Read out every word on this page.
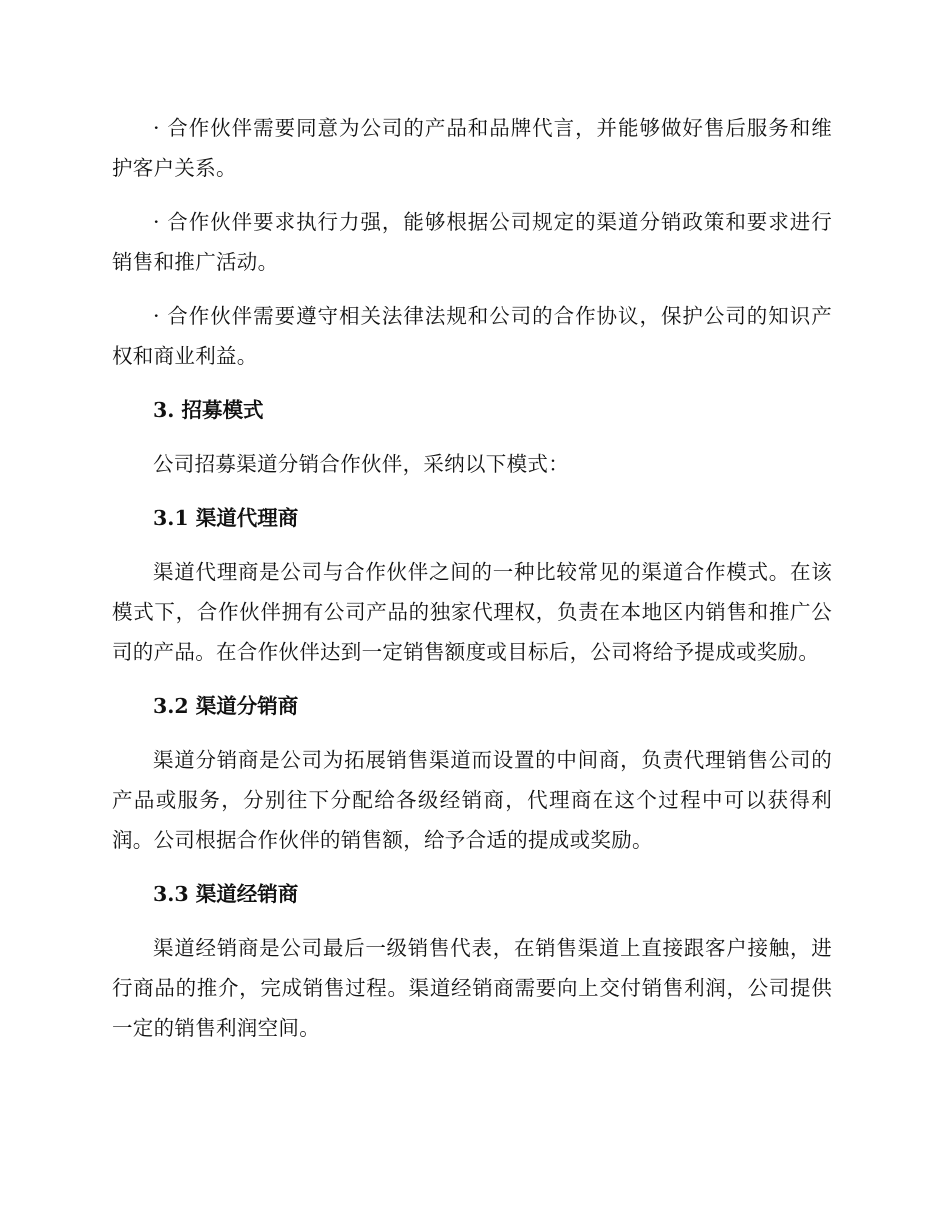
· 合作伙伴需要同意为公司的产品和品牌代言，并能够做好售后服务和维护客户关系。

· 合作伙伴要求执行力强，能够根据公司规定的渠道分销政策和要求进行销售和推广活动。

· 合作伙伴需要遵守相关法律法规和公司的合作协议，保护公司的知识产权和商业利益。

3. 招募模式

公司招募渠道分销合作伙伴，采纳以下模式：

3.1 渠道代理商

渠道代理商是公司与合作伙伴之间的一种比较常见的渠道合作模式。在该模式下，合作伙伴拥有公司产品的独家代理权，负责在本地区内销售和推广公司的产品。在合作伙伴达到一定销售额度或目标后，公司将给予提成或奖励。

3.2 渠道分销商

渠道分销商是公司为拓展销售渠道而设置的中间商，负责代理销售公司的产品或服务，分别往下分配给各级经销商，代理商在这个过程中可以获得利润。公司根据合作伙伴的销售额，给予合适的提成或奖励。

3.3 渠道经销商

渠道经销商是公司最后一级销售代表，在销售渠道上直接跟客户接触，进行商品的推介，完成销售过程。渠道经销商需要向上交付销售利润，公司提供一定的销售利润空间。
